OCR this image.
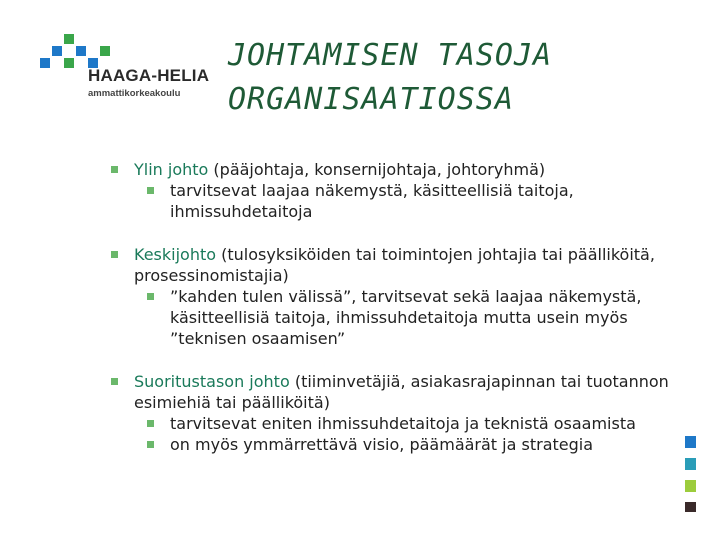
HAAGA-HELIA
ammattikorkeakoulu
JOHTAMISEN TASOJA
ORGANISAATIOSSA
Ylin johto (pääjohtaja, konsernijohtaja, johtoryhmä)
tarvitsevat laajaa näkemystä, käsitteellisiä taitoja, ihmissuhdetaitoja
Keskijohto (tulosyksiköiden tai toimintojen johtajia tai päälliköitä, prosessinomistajia)
”kahden tulen välissä”, tarvitsevat sekä laajaa näkemystä, käsitteellisiä taitoja, ihmissuhdetaitoja mutta usein myös ”teknisen osaamisen”
Suoritustason johto (tiiminvetäjiä, asiakasrajapinnan tai tuotannon esimiehiä tai päälliköitä)
tarvitsevat eniten ihmissuhdetaitoja ja teknistä osaamista
on myös ymmärrettävä visio, päämäärät ja strategia
